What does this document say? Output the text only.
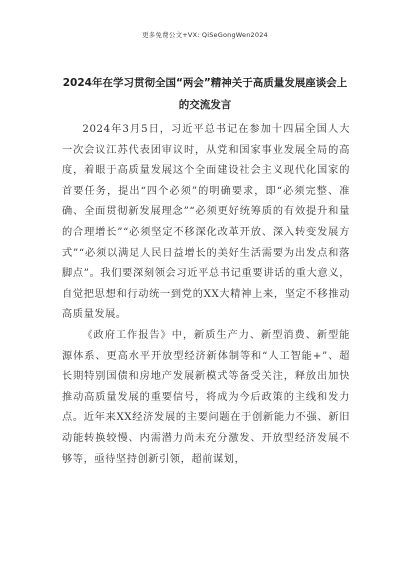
更多免费公文+VX: QiSeGongWen2024
2024年在学习贯彻全国“两会”精神关于高质量发展座谈会上的交流发言

2024年3月5日，习近平总书记在参加十四届全国人大一次会议江苏代表团审议时，从党和国家事业发展全局的高度，着眼于高质量发展这个全面建设社会主义现代化国家的首要任务，提出“四个必须”的明确要求，即“必须完整、准确、全面贯彻新发展理念”“必须更好统筹质的有效提升和量的合理增长”“必须坚定不移深化改革开放、深入转变发展方式”“必须以满足人民日益增长的美好生活需要为出发点和落脚点”。我们要深刻领会习近平总书记重要讲话的重大意义，自觉把思想和行动统一到党的XX大精神上来，坚定不移推动高质量发展。

《政府工作报告》中，新质生产力、新型消费、新型能源体系、更高水平开放型经济新体制等和“人工智能+”、超长期特别国债和房地产发展新模式等备受关注，释放出加快推动高质量发展的重要信号，将成为今后政策的主线和发力点。近年来XX经济发展的主要问题在于创新能力不强、新旧动能转换较慢、内需潜力尚未充分激发、开放型经济发展不够等，亟待坚持创新引领，超前谋划，
